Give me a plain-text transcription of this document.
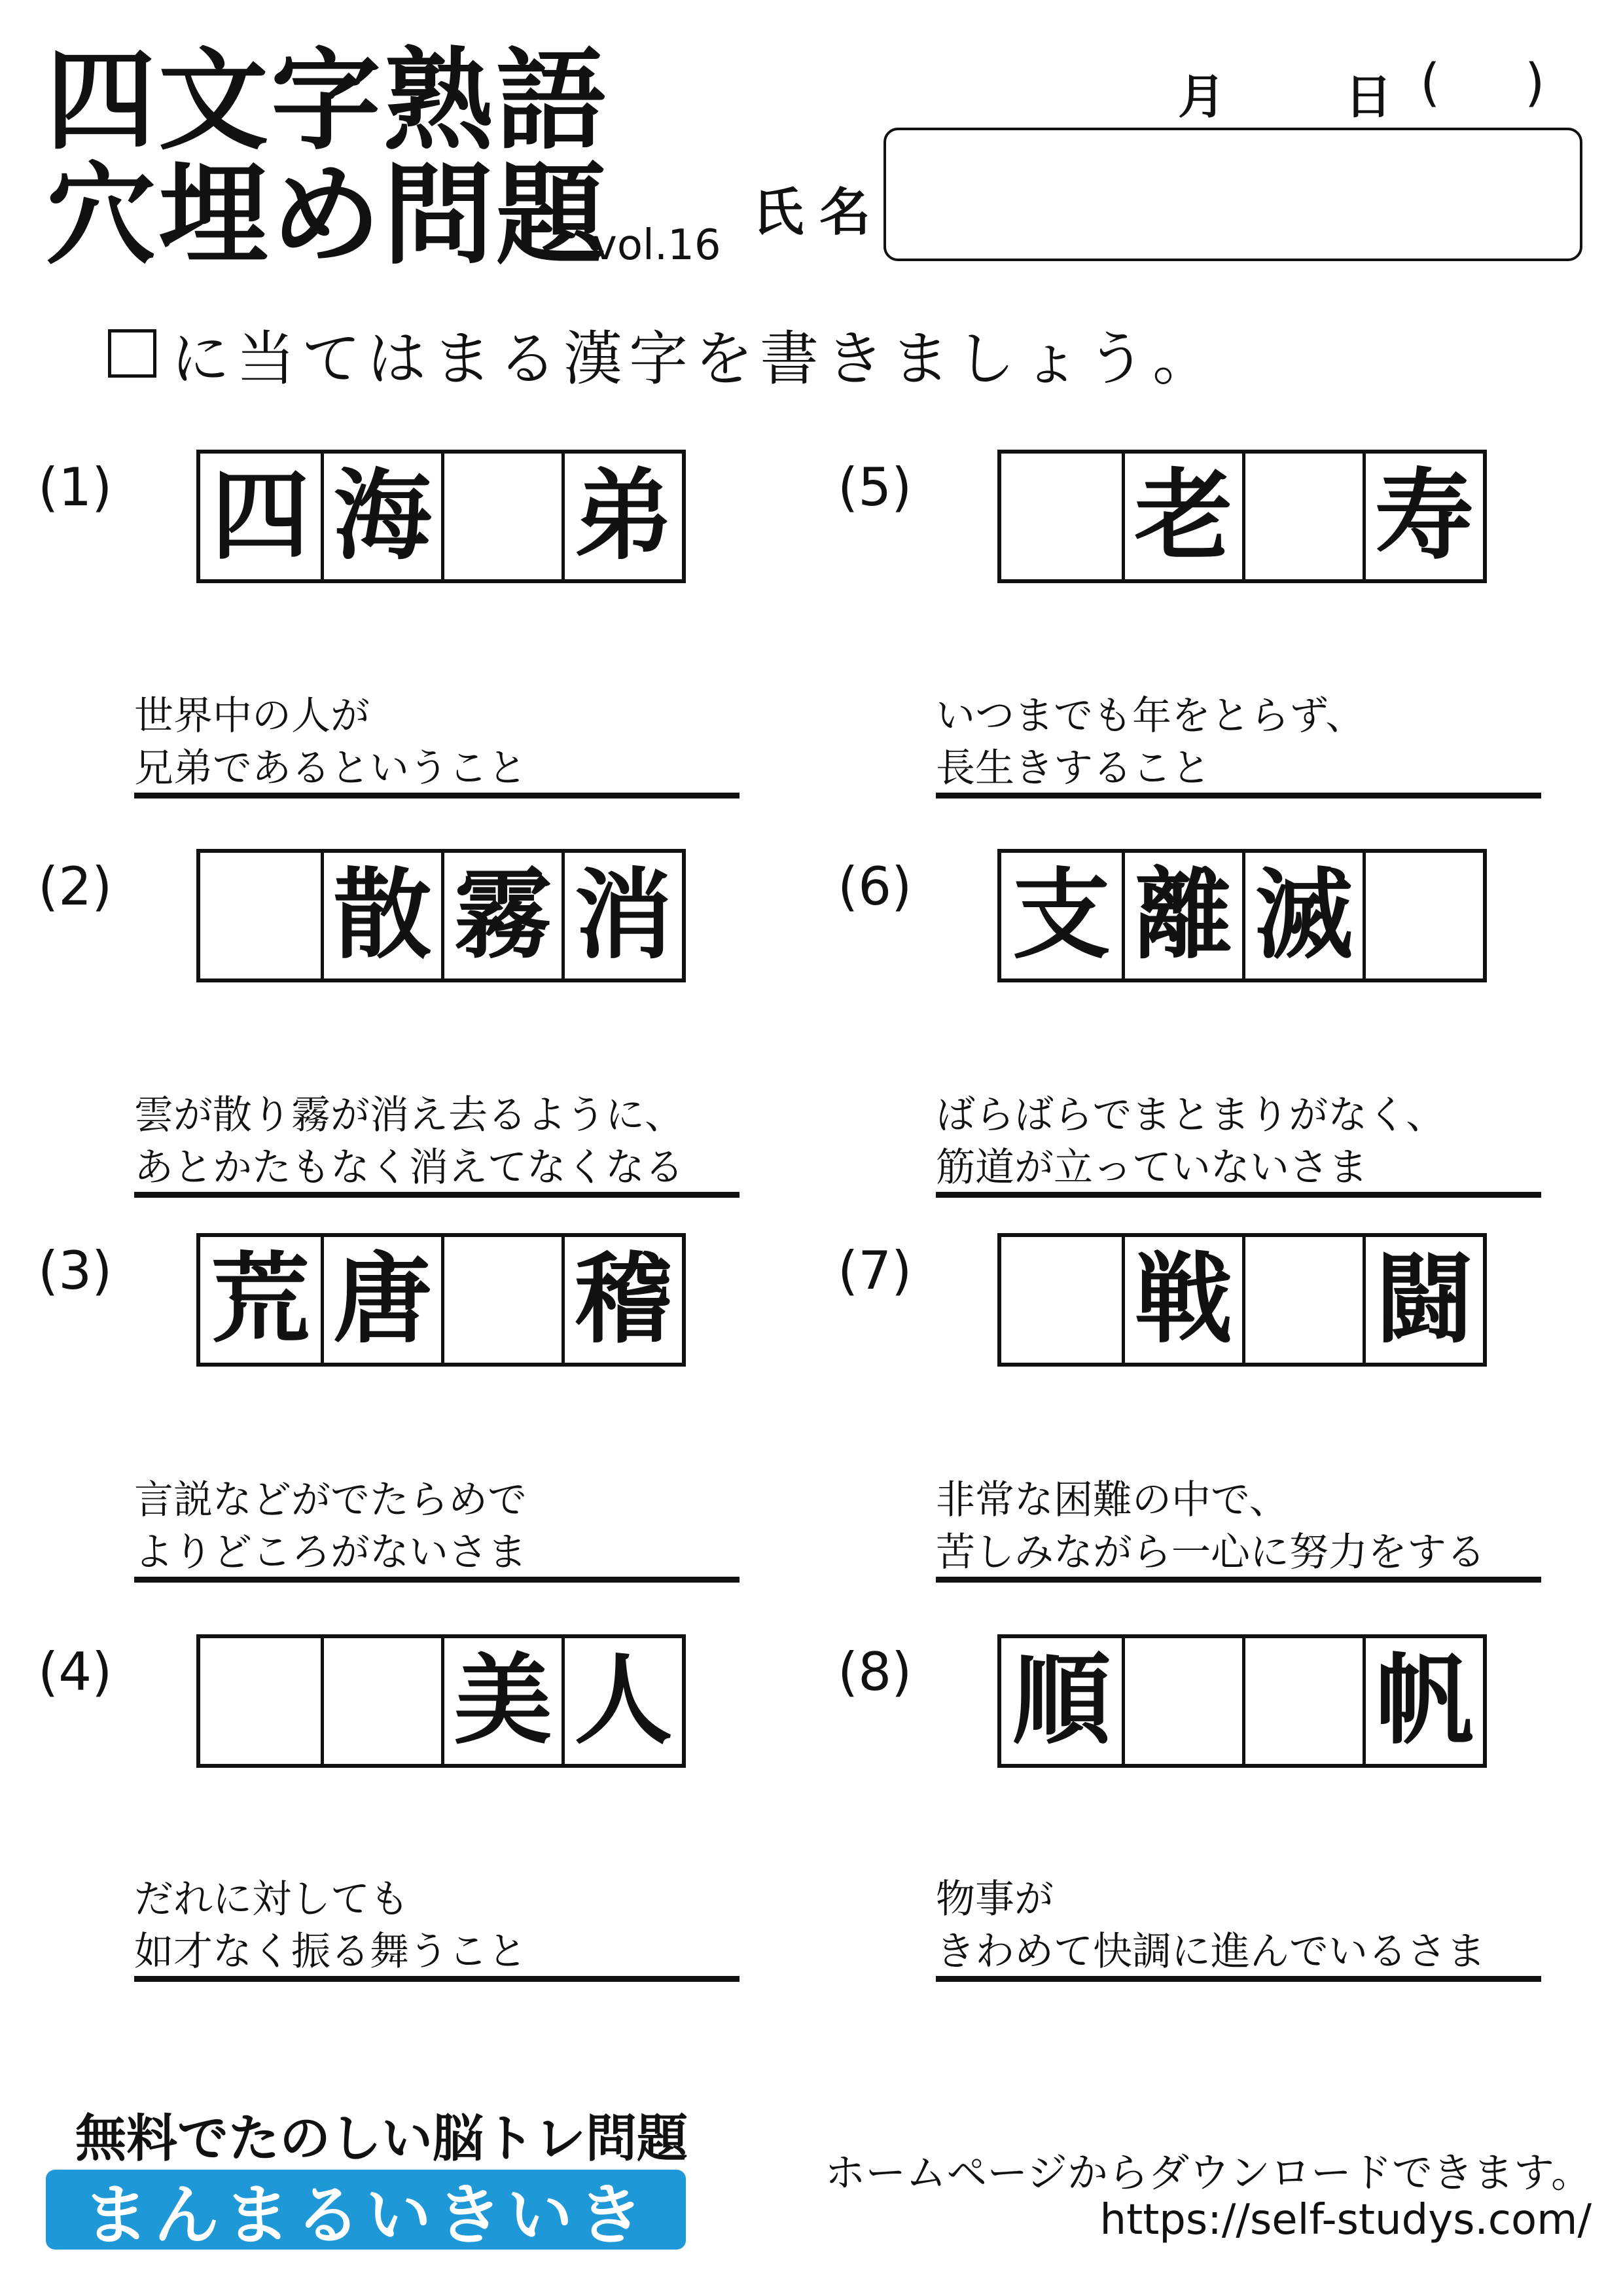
四文字熟語
穴埋め問題
vol.16
月	日 ( )
氏名
に当てはまる漢字を書きましょう。
(1) 四 海 弟
世界中の人が
兄弟であるということ
(2) 散 霧 消
雲が散り霧が消え去るように、
あとかたもなく消えてなくなる
(3) 荒 唐 稽
言説などがでたらめで
よりどころがないさま
(4)	美 人
だれに対しても
如才なく振る舞うこと
(5) 老 寿
いつまでも年をとらず、
長生きすること
(6) 支 離 滅
ばらばらでまとまりがなく、
筋道が立っていないさま
(7) 戦 闘
非常な困難の中で、
苦しみながら一心に努力をする
(8) 順	帆
物事が
きわめて快調に進んでいるさま
無料でたのしい脳トレ問題
まんまるいきいき
ホームページからダウンロードできます。
https://self-studys.com/
